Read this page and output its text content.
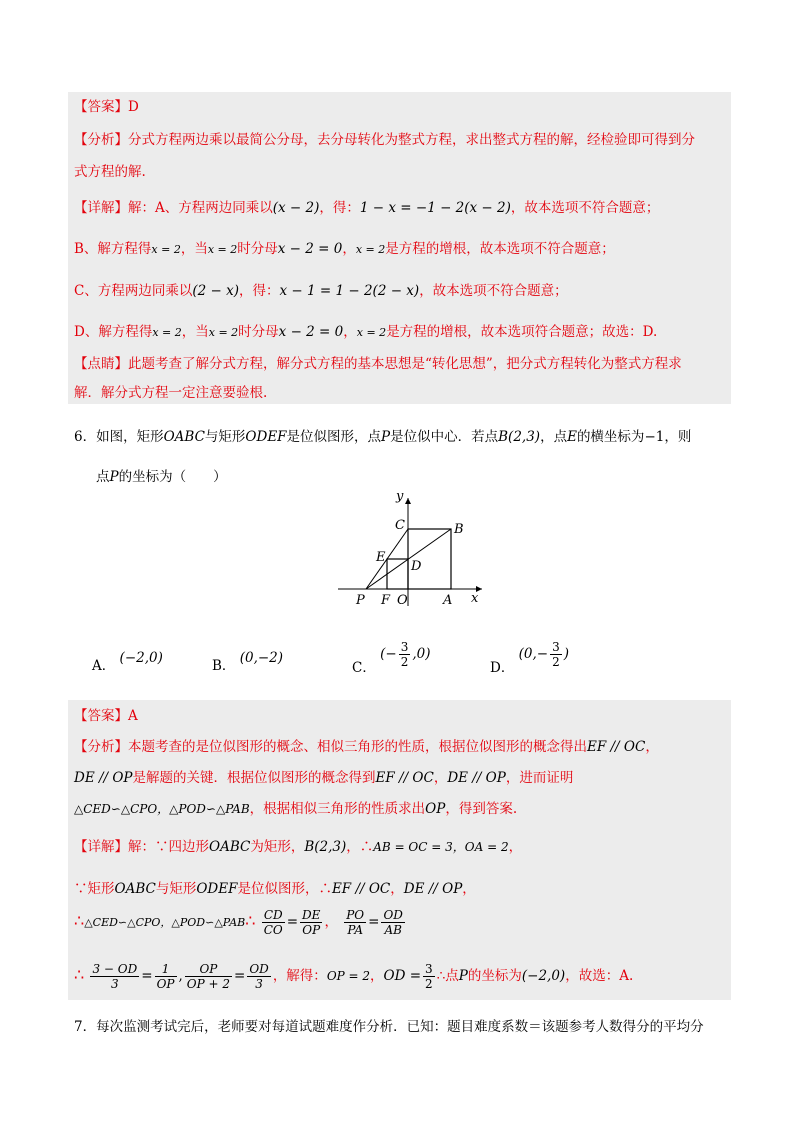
【答案】D
【分析】分式方程两边乘以最简公分母，去分母转化为整式方程，求出整式方程的解，经检验即可得到分
式方程的解.
【详解】解：A、方程两边同乘以(x − 2)，得：1 − x = −1 − 2(x − 2)，故本选项不符合题意；
B、解方程得x = 2，当x = 2时分母x − 2 = 0，x = 2是方程的增根，故本选项不符合题意；
C、方程两边同乘以(2 − x)，得：x − 1 = 1 − 2(2 − x)，故本选项不符合题意；
D、解方程得x = 2，当x = 2时分母x − 2 = 0，x = 2是方程的增根，故本选项符合题意；故选：D.
【点睛】此题考查了解分式方程，解分式方程的基本思想是“转化思想”，把分式方程转化为整式方程求
解．解分式方程一定注意要验根.
6．如图，矩形OABC与矩形ODEF是位似图形，点P是位似中心．若点B(2,3)，点E的横坐标为−1，则
点P的坐标为（　　）
y
x
C	B
E
D
P F O	A
A． (−2,0)	B． (0,−2)
C． (− $\frac{3}{2} ,0$)
D． ($0,- \frac{3}{2}$ )
【答案】A
【分析】本题考查的是位似图形的概念、相似三角形的性质，根据位似图形的概念得出EF // OC，
DE // OP是解题的关键．根据位似图形的概念得到EF // OC，DE // OP，进而证明
△CED∽△CPO，△POD∽△PAB，根据相似三角形的性质求出OP，得到答案.
【详解】解：∵四边形OABC为矩形，B(2,3)，∴AB = OC = 3，OA = 2，
∵矩形OABC与矩形ODEF是位似图形，∴EF // OC，DE // OP，
∴△CED∽△CPO，△POD∽△PAB∴ $\frac{CD}{CO} = \frac{DE}{OP}$ ， $\frac{PO}{PA} = \frac{OD}{AB}$
∴ $\frac{3 - OD}{3} = \frac{1}{OP}$ , $\frac{OP}{OP + 2} = \frac{OD}{3}$ ，解得：OP = 2，OD = $\frac{3}{2}$ ∴点P的坐标为(−2,0)，故选：A.
7．每次监测考试完后，老师要对每道试题难度作分析．已知：题目难度系数＝该题参考人数得分的平均分
